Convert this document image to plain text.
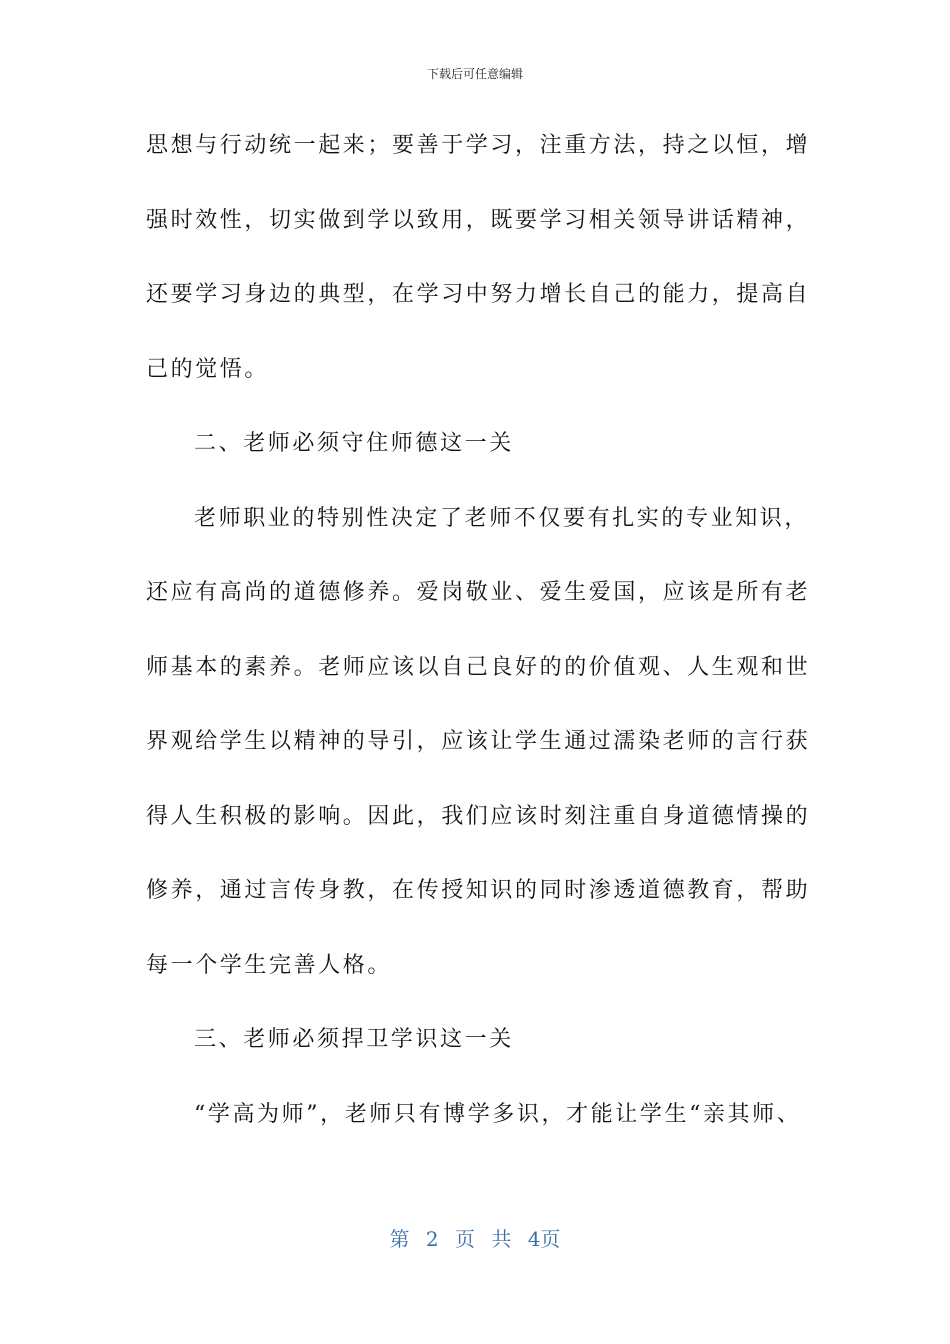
下载后可任意编辑
思想与行动统一起来；要善于学习，注重方法，持之以恒，增
强时效性，切实做到学以致用，既要学习相关领导讲话精神，
还要学习身边的典型，在学习中努力增长自己的能力，提高自
己的觉悟。
二、老师必须守住师德这一关
老师职业的特别性决定了老师不仅要有扎实的专业知识，
还应有高尚的道德修养。爱岗敬业、爱生爱国，应该是所有老
师基本的素养。老师应该以自己良好的的价值观、人生观和世
界观给学生以精神的导引，应该让学生通过濡染老师的言行获
得人生积极的影响。因此，我们应该时刻注重自身道德情操的
修养，通过言传身教，在传授知识的同时渗透道德教育，帮助
每一个学生完善人格。
三、老师必须捍卫学识这一关
“学高为师”，老师只有博学多识，才能让学生“亲其师、
第 2 页 共 4页
